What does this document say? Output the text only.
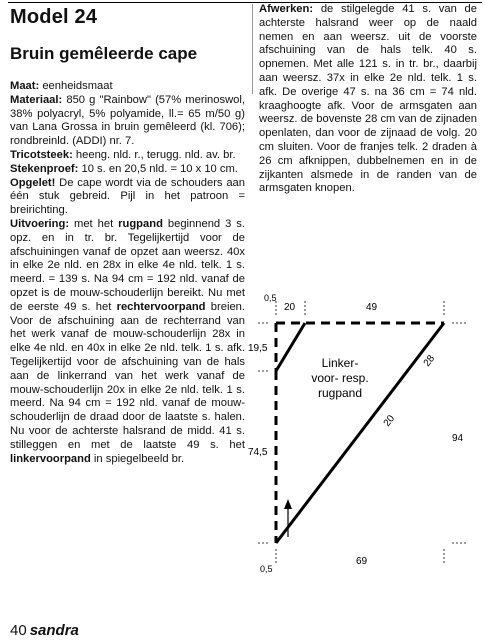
Model 24
Bruin gemêleerde cape

Maat: eenheidsmaat

Materiaal: 850 g "Rainbow" (57% merinoswol, 38% polyacryl, 5% polyamide, ll.= 65 m/50 g) van Lana Grossa in bruin gemêleerd (kl. 706); rondbreinld. (ADDI) nr. 7.

Tricotsteek: heeng. nld. r., terugg. nld. av. br.

Stekenproef: 10 s. en 20,5 nld. = 10 x 10 cm.

Opgelet! De cape wordt via de schouders aan één stuk gebreid. Pijl in het patroon = breirichting.

Uitvoering: met het rugpand beginnend 3 s. opz. en in tr. br. Tegelijkertijd voor de afschuiningen vanaf de opzet aan weersz. 40x in elke 2e nld. en 28x in elke 4e nld. telk. 1 s. meerd. = 139 s. Na 94 cm = 192 nld. vanaf de opzet is de mouw-schouderlijn bereikt. Nu met de eerste 49 s. het rechtervoorpand breien. Voor de afschuining aan de rechterrand van het werk vanaf de mouw-schouderlijn 28x in elke 4e nld. en 40x in elke 2e nld. telk. 1 s. afk. Tegelijkertijd voor de afschuining van de hals aan de linkerrand van het werk vanaf de mouw-schouderlijn 20x in elke 2e nld. telk. 1 s. meerd. Na 94 cm = 192 nld. vanaf de mouw-schouderlijn de draad door de laatste s. halen. Nu voor de achterste halsrand de midd. 41 s. stilleggen en met de laatste 49 s. het linkervoorpand in spiegelbeeld br.

Afwerken: de stilgelegde 41 s. van de achterste halsrand weer op de naald nemen en aan weersz. uit de voorste afschuining van de hals telk. 40 s. opnemen. Met alle 121 s. in tr. br., daarbij aan weersz. 37x in elke 2e nld. telk. 1 s. afk. De overige 47 s. na 36 cm = 74 nld. kraaghoogte afk. Voor de armsgaten aan weersz. de bovenste 28 cm van de zijnaden openlaten, dan voor de zijnaad de volg. 20 cm sluiten. Voor de franjes telk. 2 draden à 26 cm afknippen, dubbelnemen en in de zijkanten alsmede in de randen van de armsgaten knopen.

0,5
20	49
19,5
74,5
0,5
69
94
28
20
Linker-
voor- resp.
rugpand
40 sandra
